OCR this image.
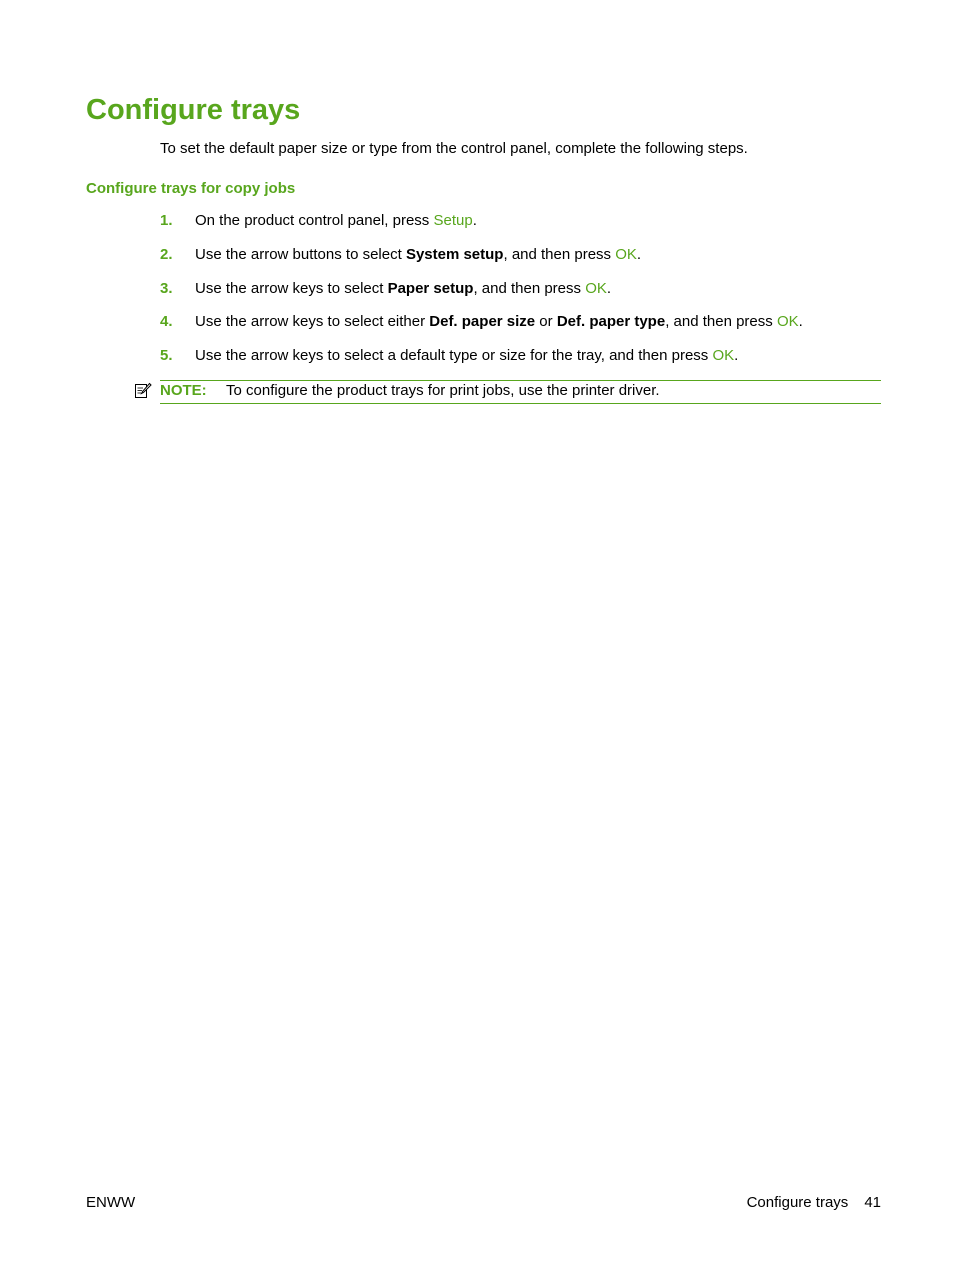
Configure trays

To set the default paper size or type from the control panel, complete the following steps.

Configure trays for copy jobs
1. On the product control panel, press Setup.
2. Use the arrow buttons to select System setup, and then press OK.
3. Use the arrow keys to select Paper setup, and then press OK.
4. Use the arrow keys to select either Def. paper size or Def. paper type, and then press OK.
5. Use the arrow keys to select a default type or size for the tray, and then press OK.
NOTE: To configure the product trays for print jobs, use the printer driver.
ENWW	Configure trays 41
